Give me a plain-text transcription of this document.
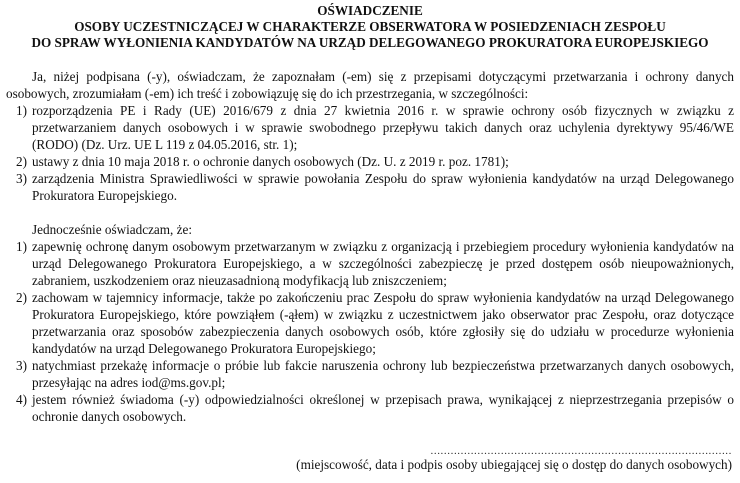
OŚWIADCZENIE
OSOBY UCZESTNICZĄCEJ W CHARAKTERZE OBSERWATORA W POSIEDZENIACH ZESPOŁU
DO SPRAW WYŁONIENIA KANDYDATÓW NA URZĄD DELEGOWANEGO PROKURATORA EUROPEJSKIEGO
Ja, niżej podpisana (-y), oświadczam, że zapoznałam (-em) się z przepisami dotyczącymi przetwarzania i ochrony danych osobowych, zrozumiałam (-em) ich treść i zobowiązuję się do ich przestrzegania, w szczególności:
1) rozporządzenia PE i Rady (UE) 2016/679 z dnia 27 kwietnia 2016 r. w sprawie ochrony osób fizycznych w związku z przetwarzaniem danych osobowych i w sprawie swobodnego przepływu takich danych oraz uchylenia dyrektywy 95/46/WE (RODO) (Dz. Urz. UE L 119 z 04.05.2016, str. 1);
2) ustawy z dnia 10 maja 2018 r. o ochronie danych osobowych (Dz. U. z 2019 r. poz. 1781);
3) zarządzenia Ministra Sprawiedliwości w sprawie powołania Zespołu do spraw wyłonienia kandydatów na urząd Delegowanego Prokuratora Europejskiego.
Jednocześnie oświadczam, że:
1) zapewnię ochronę danym osobowym przetwarzanym w związku z organizacją i przebiegiem procedury wyłonienia kandydatów na urząd Delegowanego Prokuratora Europejskiego, a w szczególności zabezpieczę je przed dostępem osób nieupoważnionych, zabraniem, uszkodzeniem oraz nieuzasadnioną modyfikacją lub zniszczeniem;
2) zachowam w tajemnicy informacje, także po zakończeniu prac Zespołu do spraw wyłonienia kandydatów na urząd Delegowanego Prokuratora Europejskiego, które powziąłem (-ąłem) w związku z uczestnictwem jako obserwator prac Zespołu, oraz dotyczące przetwarzania oraz sposobów zabezpieczenia danych osobowych osób, które zgłosiły się do udziału w procedurze wyłonienia kandydatów na urząd Delegowanego Prokuratora Europejskiego;
3) natychmiast przekażę informacje o próbie lub fakcie naruszenia ochrony lub bezpieczeństwa przetwarzanych danych osobowych, przesyłając na adres iod@ms.gov.pl;
4) jestem również świadoma (-y) odpowiedzialności określonej w przepisach prawa, wynikającej z nieprzestrzegania przepisów o ochronie danych osobowych.
..........................................................................................
(miejscowość, data i podpis osoby ubiegającej się o dostęp do danych osobowych)
